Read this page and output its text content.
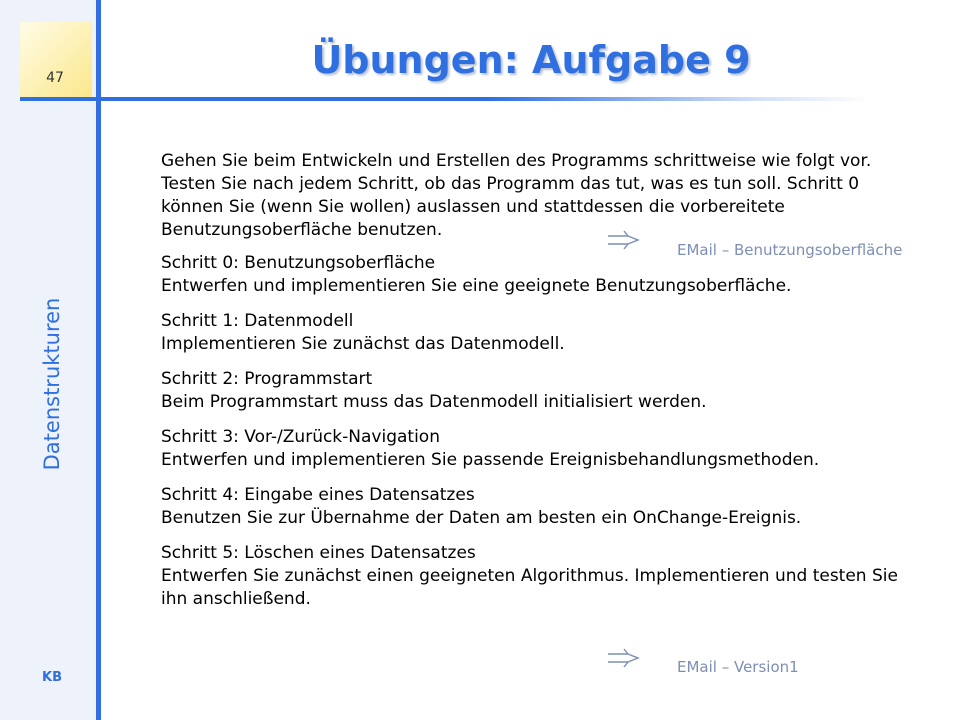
47
Datenstrukturen
KB
Übungen: Aufgabe 9

Gehen Sie beim Entwickeln und Erstellen des Programms schrittweise wie folgt vor. Testen Sie nach jedem Schritt, ob das Programm das tut, was es tun soll. Schritt 0 können Sie (wenn Sie wollen) auslassen und stattdessen die vorbereitete Benutzungsoberfläche benutzen.

Schritt 0: Benutzungsoberfläche
Entwerfen und implementieren Sie eine geeignete Benutzungsoberfläche.
Schritt 1: Datenmodell
Implementieren Sie zunächst das Datenmodell.
Schritt 2: Programmstart
Beim Programmstart muss das Datenmodell initialisiert werden.
Schritt 3: Vor-/Zurück-Navigation
Entwerfen und implementieren Sie passende Ereignisbehandlungsmethoden.
Schritt 4: Eingabe eines Datensatzes
Benutzen Sie zur Übernahme der Daten am besten ein OnChange-Ereignis.
Schritt 5: Löschen eines Datensatzes
Entwerfen Sie zunächst einen geeigneten Algorithmus. Implementieren und testen Sie ihn anschließend.
EMail – Benutzungsoberfläche
EMail – Version1
